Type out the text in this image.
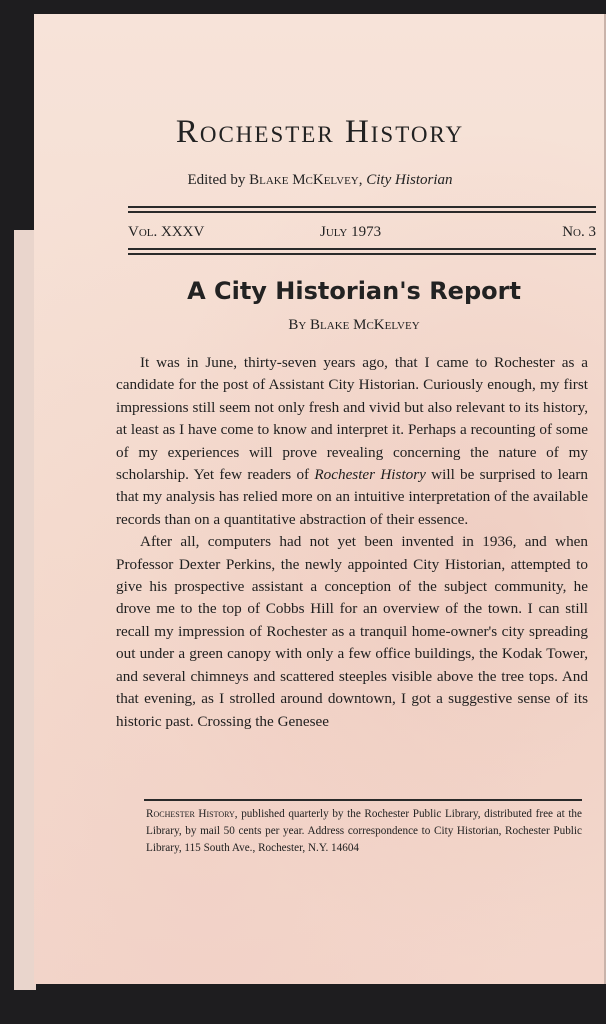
Rochester History
Edited by Blake McKelvey, City Historian
Vol. XXXV	July 1973	No. 3
A City Historian's Report
By Blake McKelvey

It was in June, thirty-seven years ago, that I came to Rochester as a candidate for the post of Assistant City Historian. Curiously enough, my first impressions still seem not only fresh and vivid but also relevant to its history, at least as I have come to know and interpret it. Perhaps a recounting of some of my experiences will prove revealing concerning the nature of my scholarship. Yet few readers of Rochester History will be surprised to learn that my analysis has relied more on an intuitive interpretation of the available records than on a quantitative abstraction of their essence.

After all, computers had not yet been invented in 1936, and when Professor Dexter Perkins, the newly appointed City Historian, attempted to give his prospective assistant a conception of the subject community, he drove me to the top of Cobbs Hill for an overview of the town. I can still recall my impression of Rochester as a tranquil home-owner's city spreading out under a green canopy with only a few office buildings, the Kodak Tower, and several chimneys and scattered steeples visible above the tree tops. And that evening, as I strolled around downtown, I got a suggestive sense of its historic past. Crossing the Genesee

Rochester History, published quarterly by the Rochester Public Library, distributed free at the Library, by mail 50 cents per year. Address correspondence to City Historian, Rochester Public Library, 115 South Ave., Rochester, N.Y. 14604
